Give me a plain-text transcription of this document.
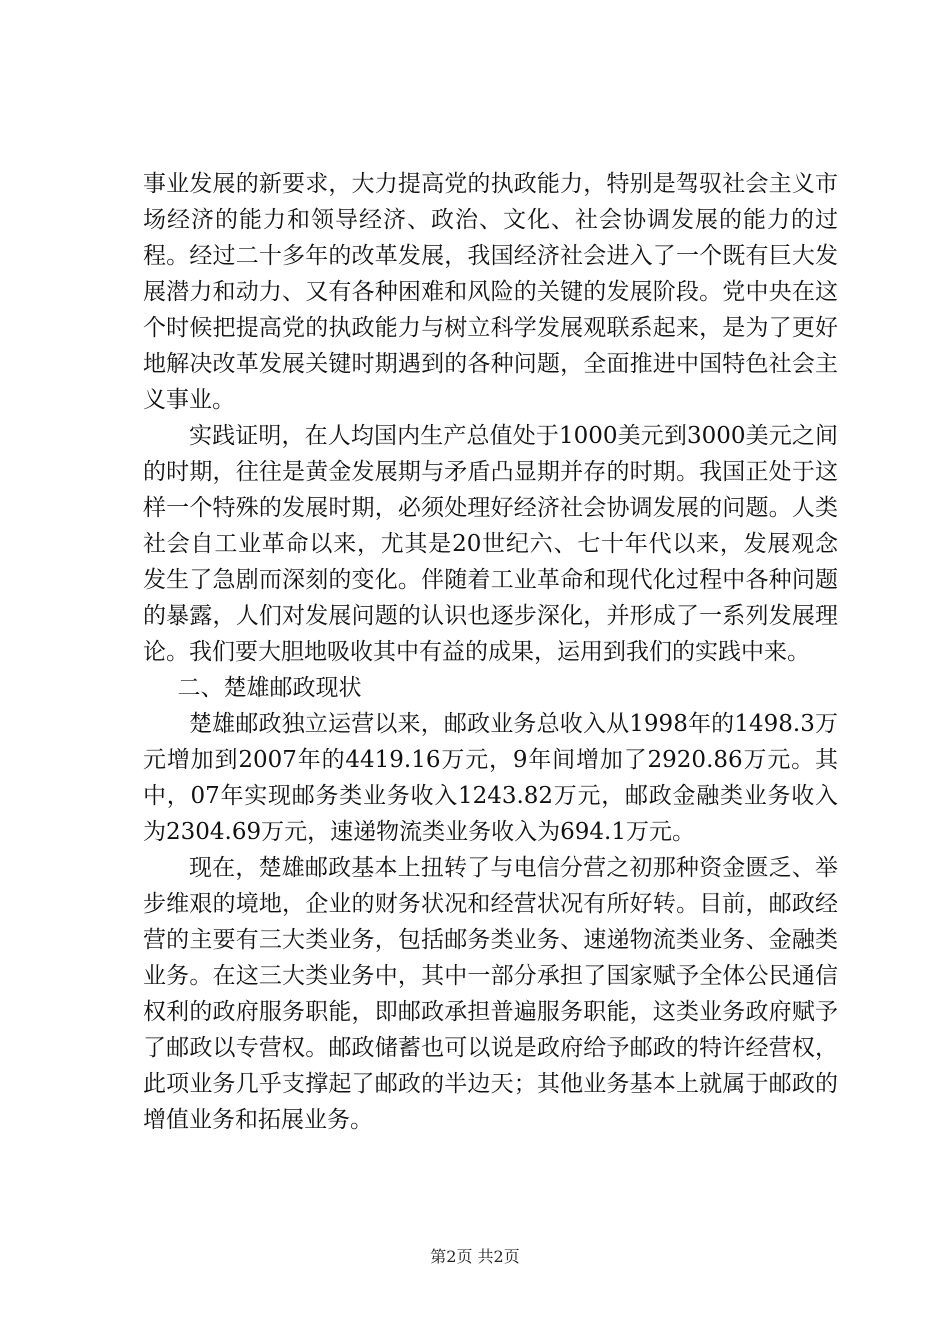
事业发展的新要求，大力提高党的执政能力，特别是驾驭社会主义市场经济的能力和领导经济、政治、文化、社会协调发展的能力的过程。经过二十多年的改革发展，我国经济社会进入了一个既有巨大发展潜力和动力、又有各种困难和风险的关键的发展阶段。党中央在这个时候把提高党的执政能力与树立科学发展观联系起来，是为了更好地解决改革发展关键时期遇到的各种问题，全面推进中国特色社会主义事业。

实践证明，在人均国内生产总值处于1000美元到3000美元之间的时期，往往是黄金发展期与矛盾凸显期并存的时期。我国正处于这样一个特殊的发展时期，必须处理好经济社会协调发展的问题。人类社会自工业革命以来，尤其是20世纪六、七十年代以来，发展观念发生了急剧而深刻的变化。伴随着工业革命和现代化过程中各种问题的暴露，人们对发展问题的认识也逐步深化，并形成了一系列发展理论。我们要大胆地吸收其中有益的成果，运用到我们的实践中来。

二、楚雄邮政现状

楚雄邮政独立运营以来，邮政业务总收入从1998年的1498.3万元增加到2007年的4419.16万元，9年间增加了2920.86万元。其中，07年实现邮务类业务收入1243.82万元，邮政金融类业务收入为2304.69万元，速递物流类业务收入为694.1万元。

现在，楚雄邮政基本上扭转了与电信分营之初那种资金匮乏、举步维艰的境地，企业的财务状况和经营状况有所好转。目前，邮政经营的主要有三大类业务，包括邮务类业务、速递物流类业务、金融类业务。在这三大类业务中，其中一部分承担了国家赋予全体公民通信权利的政府服务职能，即邮政承担普遍服务职能，这类业务政府赋予了邮政以专营权。邮政储蓄也可以说是政府给予邮政的特许经营权，此项业务几乎支撑起了邮政的半边天；其他业务基本上就属于邮政的增值业务和拓展业务。

第2页 共2页
